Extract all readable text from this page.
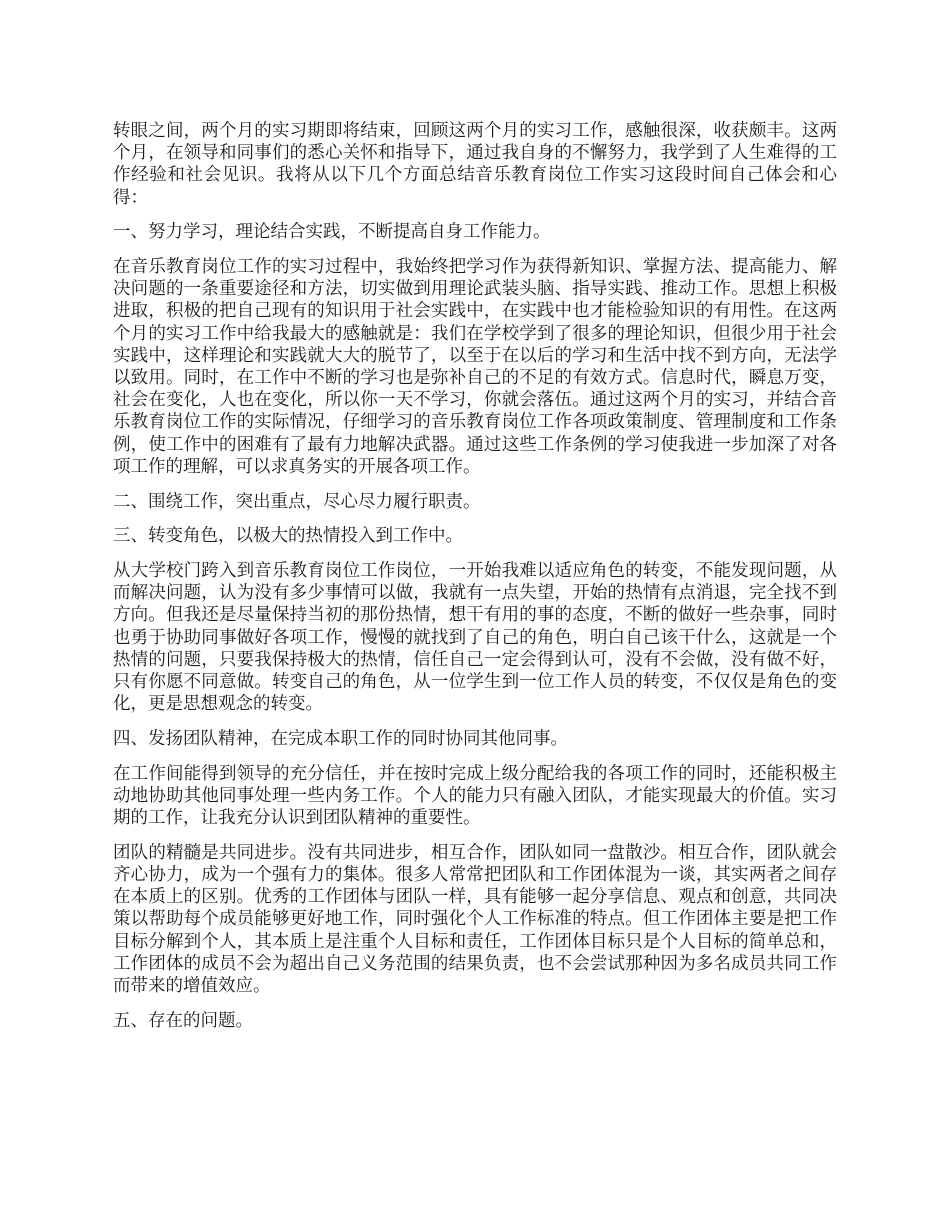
转眼之间，两个月的实习期即将结束，回顾这两个月的实习工作，感触很深，收获颇丰。这两个月，在领导和同事们的悉心关怀和指导下，通过我自身的不懈努力，我学到了人生难得的工作经验和社会见识。我将从以下几个方面总结音乐教育岗位工作实习这段时间自己体会和心得：

一、努力学习，理论结合实践，不断提高自身工作能力。

在音乐教育岗位工作的实习过程中，我始终把学习作为获得新知识、掌握方法、提高能力、解决问题的一条重要途径和方法，切实做到用理论武装头脑、指导实践、推动工作。思想上积极进取，积极的把自己现有的知识用于社会实践中，在实践中也才能检验知识的有用性。在这两个月的实习工作中给我最大的感触就是：我们在学校学到了很多的理论知识，但很少用于社会实践中，这样理论和实践就大大的脱节了，以至于在以后的学习和生活中找不到方向，无法学以致用。同时，在工作中不断的学习也是弥补自己的不足的有效方式。信息时代，瞬息万变，社会在变化，人也在变化，所以你一天不学习，你就会落伍。通过这两个月的实习，并结合音乐教育岗位工作的实际情况，仔细学习的音乐教育岗位工作各项政策制度、管理制度和工作条例，使工作中的困难有了最有力地解决武器。通过这些工作条例的学习使我进一步加深了对各项工作的理解，可以求真务实的开展各项工作。

二、围绕工作，突出重点，尽心尽力履行职责。

三、转变角色，以极大的热情投入到工作中。

从大学校门跨入到音乐教育岗位工作岗位，一开始我难以适应角色的转变，不能发现问题，从而解决问题，认为没有多少事情可以做，我就有一点失望，开始的热情有点消退，完全找不到方向。但我还是尽量保持当初的那份热情，想干有用的事的态度，不断的做好一些杂事，同时也勇于协助同事做好各项工作，慢慢的就找到了自己的角色，明白自己该干什么，这就是一个热情的问题，只要我保持极大的热情，信任自己一定会得到认可，没有不会做，没有做不好，只有你愿不同意做。转变自己的角色，从一位学生到一位工作人员的转变，不仅仅是角色的变化，更是思想观念的转变。

四、发扬团队精神，在完成本职工作的同时协同其他同事。

在工作间能得到领导的充分信任，并在按时完成上级分配给我的各项工作的同时，还能积极主动地协助其他同事处理一些内务工作。个人的能力只有融入团队，才能实现最大的价值。实习期的工作，让我充分认识到团队精神的重要性。

团队的精髓是共同进步。没有共同进步，相互合作，团队如同一盘散沙。相互合作，团队就会齐心协力，成为一个强有力的集体。很多人常常把团队和工作团体混为一谈，其实两者之间存在本质上的区别。优秀的工作团体与团队一样，具有能够一起分享信息、观点和创意，共同决策以帮助每个成员能够更好地工作，同时强化个人工作标准的特点。但工作团体主要是把工作目标分解到个人，其本质上是注重个人目标和责任，工作团体目标只是个人目标的简单总和，工作团体的成员不会为超出自己义务范围的结果负责，也不会尝试那种因为多名成员共同工作而带来的增值效应。

五、存在的问题。
